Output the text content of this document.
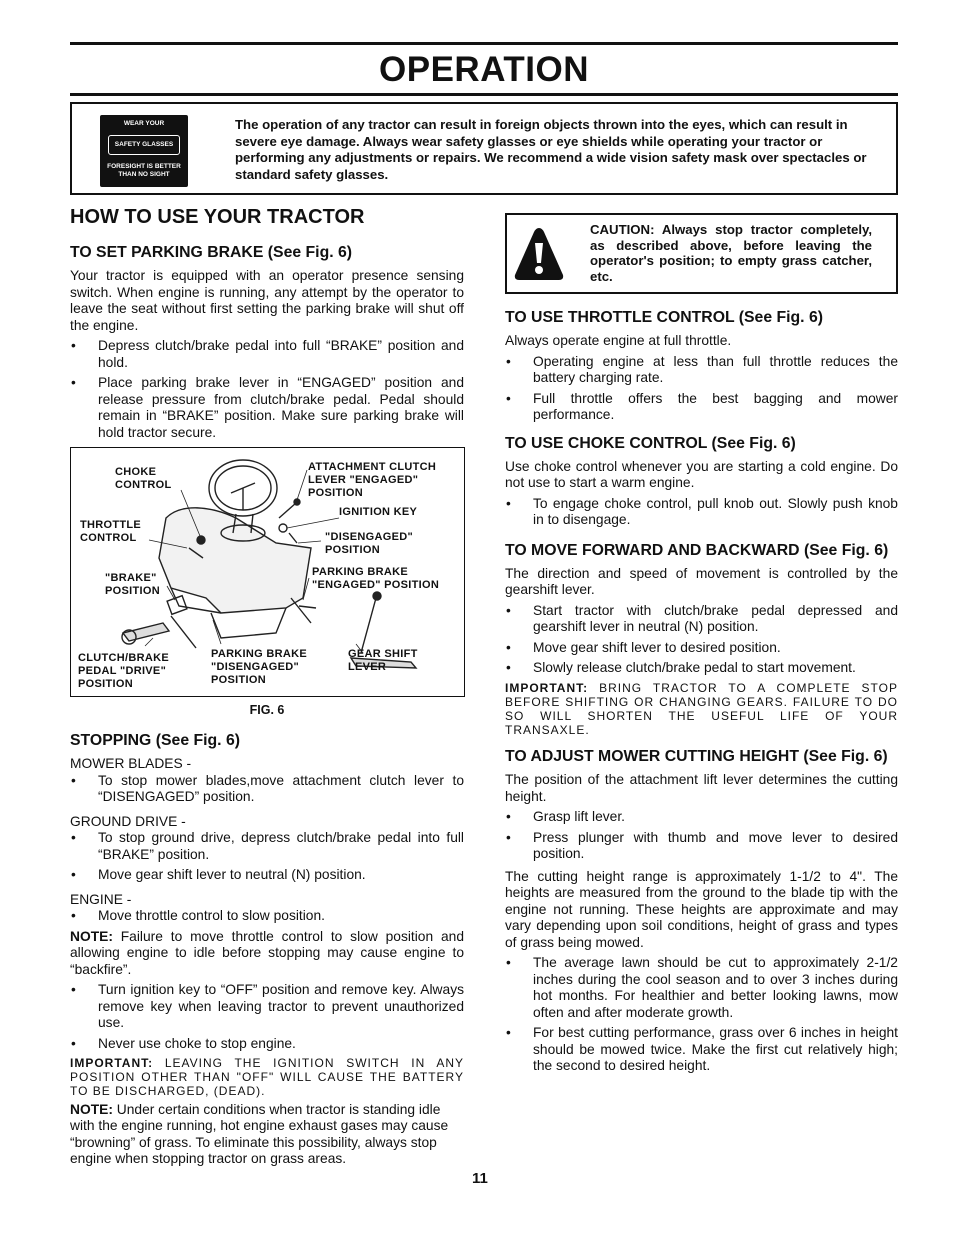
OPERATION
WEAR YOUR
SAFETY GLASSES
FORESIGHT IS BETTER THAN NO SIGHT
The operation of any tractor can result in foreign objects thrown into the eyes, which can result in severe eye damage. Always wear safety glasses or eye shields while operating your tractor or performing any adjustments or repairs. We recommend a wide vision safety mask over spectacles or standard safety glasses.
HOW TO USE YOUR TRACTOR
TO SET PARKING BRAKE (See Fig. 6)

Your tractor is equipped with an operator presence sensing switch. When engine is running, any attempt by the operator to leave the seat without first setting the parking brake will shut off the engine.

• Depress clutch/brake pedal into full “BRAKE” position and hold.
• Place parking brake lever in “ENGAGED” position and release pressure from clutch/brake pedal. Pedal should remain in “BRAKE” position. Make sure parking brake will hold tractor secure.
CHOKE
CONTROL
THROTTLE
CONTROL
"BRAKE"
POSITION
CLUTCH/BRAKE
PEDAL "DRIVE"
POSITION
ATTACHMENT CLUTCH
LEVER "ENGAGED"
POSITION
IGNITION KEY
"DISENGAGED"
POSITION
PARKING BRAKE
"ENGAGED" POSITION
PARKING BRAKE
"DISENGAGED"
POSITION
GEAR SHIFT
LEVER
FIG. 6
STOPPING (See Fig. 6)

MOWER BLADES -

• To stop mower blades,move attachment clutch lever to “DISENGAGED” position.

GROUND DRIVE -

• To stop ground drive, depress clutch/brake pedal into full “BRAKE” position.
• Move gear shift lever to neutral (N) position.

ENGINE -

• Move throttle control to slow position.

NOTE: Failure to move throttle control to slow position and allowing engine to idle before stopping may cause engine to “backfire”.

• Turn ignition key to “OFF” position and remove key. Always remove key when leaving tractor to prevent unauthorized use.
• Never use choke to stop engine.

IMPORTANT: LEAVING THE IGNITION SWITCH IN ANY POSITION OTHER THAN "OFF" WILL CAUSE THE BATTERY TO BE DISCHARGED, (DEAD).

NOTE: Under certain conditions when tractor is standing idle with the engine running, hot engine exhaust gases may cause “browning” of grass. To eliminate this possibility, always stop engine when stopping tractor on grass areas.

CAUTION: Always stop tractor completely, as described above, before leaving the operator's position; to empty grass catcher, etc.
TO USE THROTTLE CONTROL (See Fig. 6)

Always operate engine at full throttle.

• Operating engine at less than full throttle reduces the battery charging rate.
• Full throttle offers the best bagging and mower performance.
TO USE CHOKE CONTROL (See Fig. 6)

Use choke control whenever you are starting a cold engine. Do not use to start a warm engine.

• To engage choke control, pull knob out. Slowly push knob in to disengage.
TO MOVE FORWARD AND BACKWARD (See Fig. 6)

The direction and speed of movement is controlled by the gearshift lever.

• Start tractor with clutch/brake pedal depressed and gearshift lever in neutral (N) position.
• Move gear shift lever to desired position.
• Slowly release clutch/brake pedal to start movement.

IMPORTANT: BRING TRACTOR TO A COMPLETE STOP BEFORE SHIFTING OR CHANGING GEARS. FAILURE TO DO SO WILL SHORTEN THE USEFUL LIFE OF YOUR TRANSAXLE.

TO ADJUST MOWER CUTTING HEIGHT (See Fig. 6)

The position of the attachment lift lever determines the cutting height.

• Grasp lift lever.
• Press plunger with thumb and move lever to desired position.

The cutting height range is approximately 1-1/2 to 4". The heights are measured from the ground to the blade tip with the engine not running. These heights are approximate and may vary depending upon soil conditions, height of grass and types of grass being mowed.

• The average lawn should be cut to approximately 2-1/2 inches during the cool season and to over 3 inches during hot months. For healthier and better looking lawns, mow often and after moderate growth.
• For best cutting performance, grass over 6 inches in height should be mowed twice. Make the first cut relatively high; the second to desired height.
11
